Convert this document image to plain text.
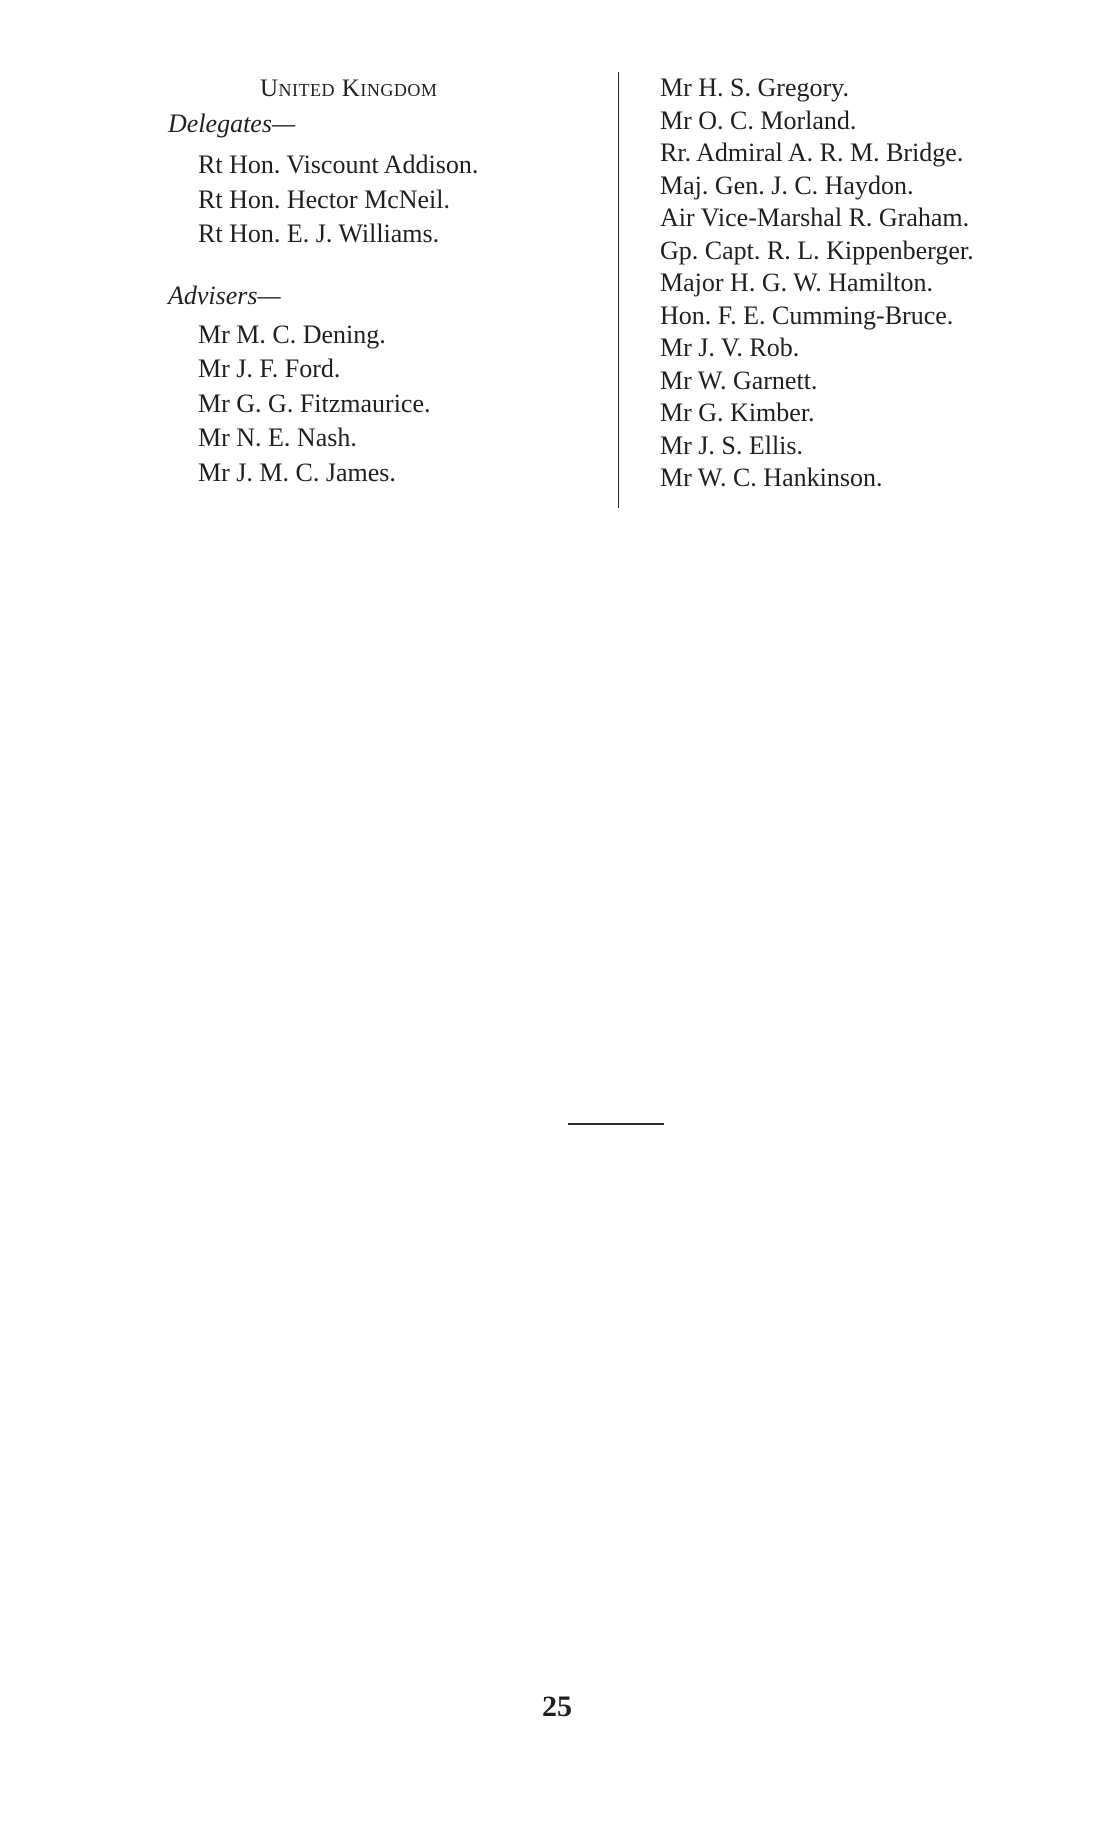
United Kingdom
Delegates—
Rt Hon. Viscount Addison.
Rt Hon. Hector McNeil.
Rt Hon. E. J. Williams.
Advisers—
Mr M. C. Dening.
Mr J. F. Ford.
Mr G. G. Fitzmaurice.
Mr N. E. Nash.
Mr J. M. C. James.
Mr H. S. Gregory.
Mr O. C. Morland.
Rr. Admiral A. R. M. Bridge.
Maj. Gen. J. C. Haydon.
Air Vice-Marshal R. Graham.
Gp. Capt. R. L. Kippenberger.
Major H. G. W. Hamilton.
Hon. F. E. Cumming-Bruce.
Mr J. V. Rob.
Mr W. Garnett.
Mr G. Kimber.
Mr J. S. Ellis.
Mr W. C. Hankinson.
25
